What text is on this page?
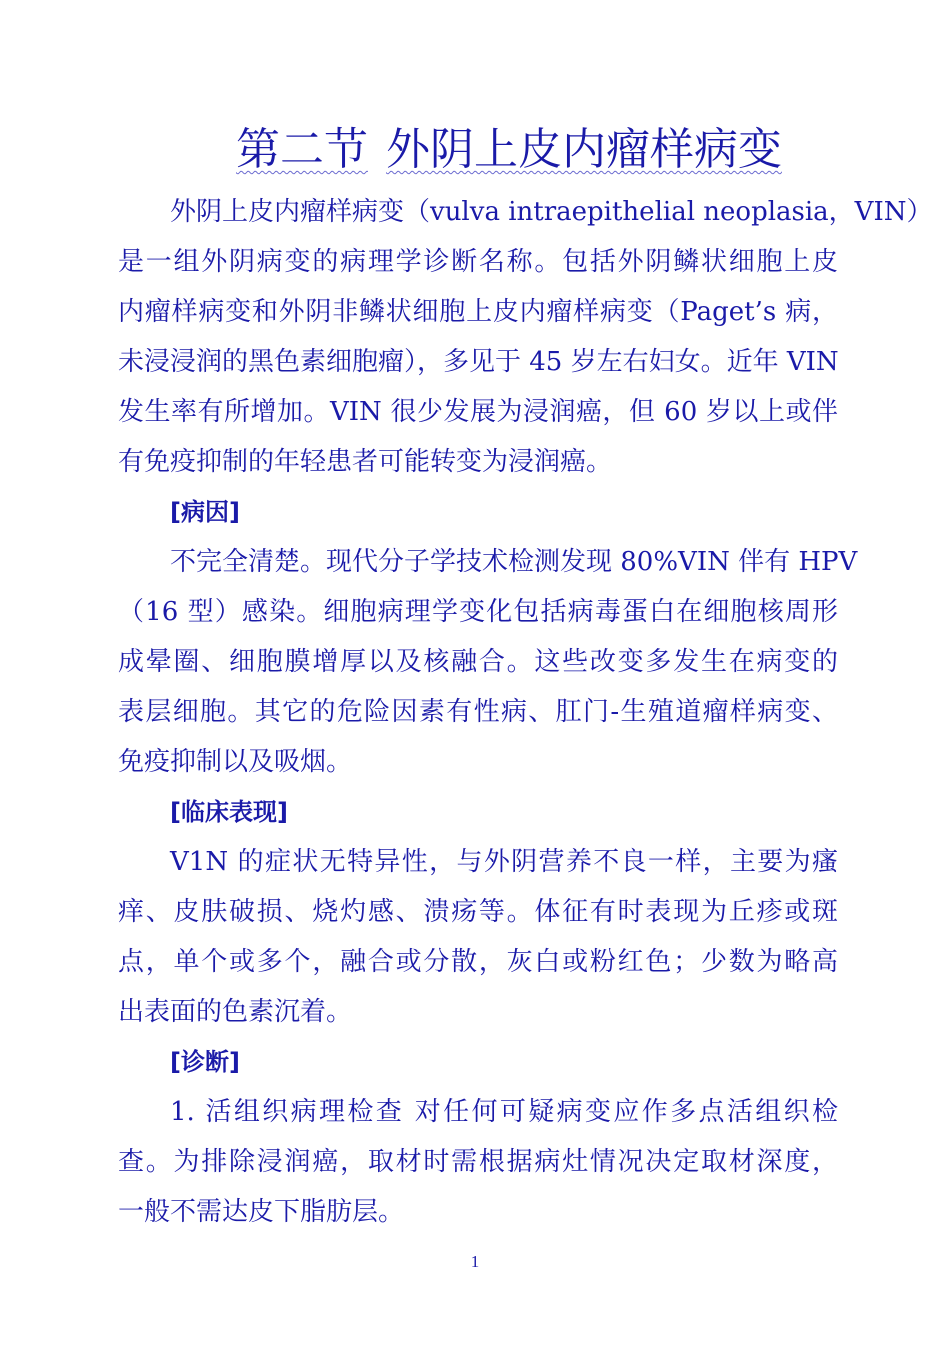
第二节 外阴上皮内瘤样病变
外阴上皮内瘤样病变（vulva intraepithelial neoplasia，VIN）
是一组外阴病变的病理学诊断名称。包括外阴鳞状细胞上皮
内瘤样病变和外阴非鳞状细胞上皮内瘤样病变（Paget’s 病，
未浸浸润的黑色素细胞瘤），多见于 45 岁左右妇女。近年 VIN
发生率有所增加。VIN 很少发展为浸润癌，但 60 岁以上或伴
有免疫抑制的年轻患者可能转变为浸润癌。
[病因]
不完全清楚。现代分子学技术检测发现 80%VIN 伴有 HPV
（16 型）感染。细胞病理学变化包括病毒蛋白在细胞核周形
成晕圈、细胞膜增厚以及核融合。这些改变多发生在病变的
表层细胞。其它的危险因素有性病、肛门-生殖道瘤样病变、
免疫抑制以及吸烟。
[临床表现]
V1N 的症状无特异性，与外阴营养不良一样，主要为瘙
痒、皮肤破损、烧灼感、溃疡等。体征有时表现为丘疹或斑
点，单个或多个，融合或分散，灰白或粉红色；少数为略高
出表面的色素沉着。
[诊断]
1. 活组织病理检查 对任何可疑病变应作多点活组织检
查。为排除浸润癌，取材时需根据病灶情况决定取材深度，
一般不需达皮下脂肪层。
1
